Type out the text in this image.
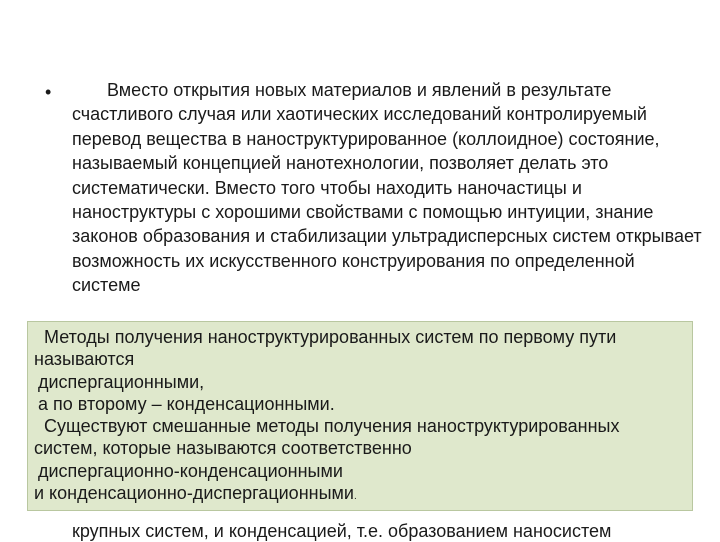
•	Вместо открытия новых материалов и явлений в результате счастливого случая или хаотических исследований контролируемый перевод вещества в наноструктурированное (коллоидное) состояние, называемый концепцией нанотехнологии, позволяет делать это систематически. Вместо того чтобы находить наночастицы и наноструктуры с хорошими свойствами с помощью интуиции, знание законов образования и стабилизации ультрадисперсных систем открывает возможность их искусственного конструирования по определенной системе
крупных систем, и конденсацией, т.е. образованием наносистем
Методы получения наноструктурированных систем по первому пути
называются
диспергационными,
а по второму – конденсационными.
Существуют смешанные методы получения наноструктурированных
систем, которые называются соответственно
диспергационно-конденсационными
и конденсационно-диспергационными.
